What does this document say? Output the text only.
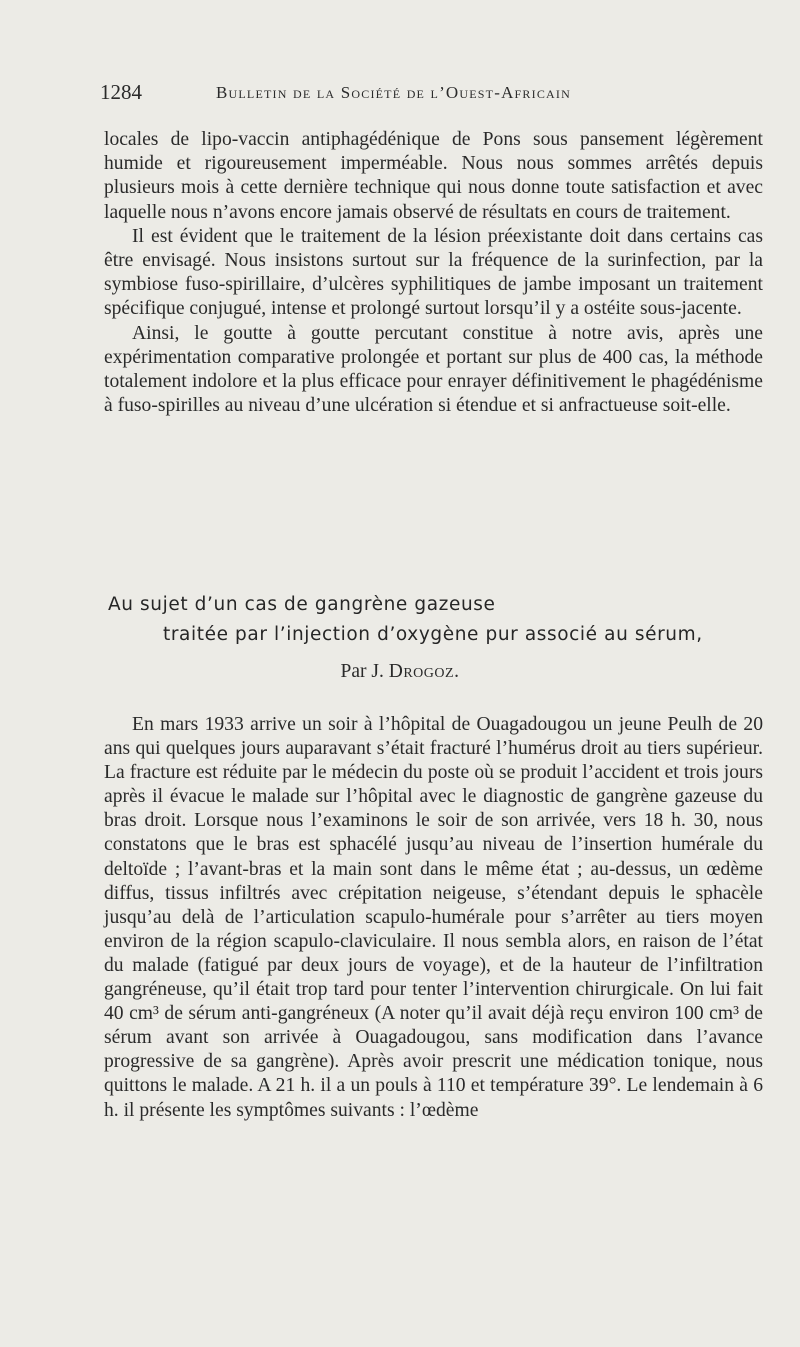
1284	Bulletin de la Société de l’Ouest-Africain

locales de lipo-vaccin antiphagédénique de Pons sous pansement légèrement humide et rigoureusement imperméable. Nous nous sommes arrêtés depuis plusieurs mois à cette dernière technique qui nous donne toute satisfaction et avec laquelle nous n’avons encore jamais observé de résultats en cours de traitement.

Il est évident que le traitement de la lésion préexistante doit dans certains cas être envisagé. Nous insistons surtout sur la fréquence de la surinfection, par la symbiose fuso-spirillaire, d’ulcères syphilitiques de jambe imposant un traitement spécifique conjugué, intense et prolongé surtout lorsqu’il y a ostéite sous-jacente.

Ainsi, le goutte à goutte percutant constitue à notre avis, après une expérimentation comparative prolongée et portant sur plus de 400 cas, la méthode totalement indolore et la plus efficace pour enrayer définitivement le phagédénisme à fuso-spirilles au niveau d’une ulcération si étendue et si anfractueuse soit-elle.

Au sujet d’un cas de gangrène gazeuse
traitée par l’injection d’oxygène pur associé au sérum,
Par J. Drogoz.

En mars 1933 arrive un soir à l’hôpital de Ouagadougou un jeune Peulh de 20 ans qui quelques jours auparavant s’était fracturé l’humérus droit au tiers supérieur. La fracture est réduite par le médecin du poste où se produit l’accident et trois jours après il évacue le malade sur l’hôpital avec le diagnostic de gangrène gazeuse du bras droit. Lorsque nous l’examinons le soir de son arrivée, vers 18 h. 30, nous constatons que le bras est sphacélé jusqu’au niveau de l’insertion humérale du deltoïde ; l’avant-bras et la main sont dans le même état ; au-dessus, un œdème diffus, tissus infiltrés avec crépitation neigeuse, s’étendant depuis le sphacèle jusqu’au delà de l’articulation scapulo-humérale pour s’arrêter au tiers moyen environ de la région scapulo-claviculaire. Il nous sembla alors, en raison de l’état du malade (fatigué par deux jours de voyage), et de la hauteur de l’infiltration gangréneuse, qu’il était trop tard pour tenter l’intervention chirurgicale. On lui fait 40 cm³ de sérum anti-gangréneux (A noter qu’il avait déjà reçu environ 100 cm³ de sérum avant son arrivée à Ouagadougou, sans modification dans l’avance progressive de sa gangrène). Après avoir prescrit une médication tonique, nous quittons le malade. A 21 h. il a un pouls à 110 et température 39°. Le lendemain à 6 h. il présente les symptômes suivants : l’œdème
